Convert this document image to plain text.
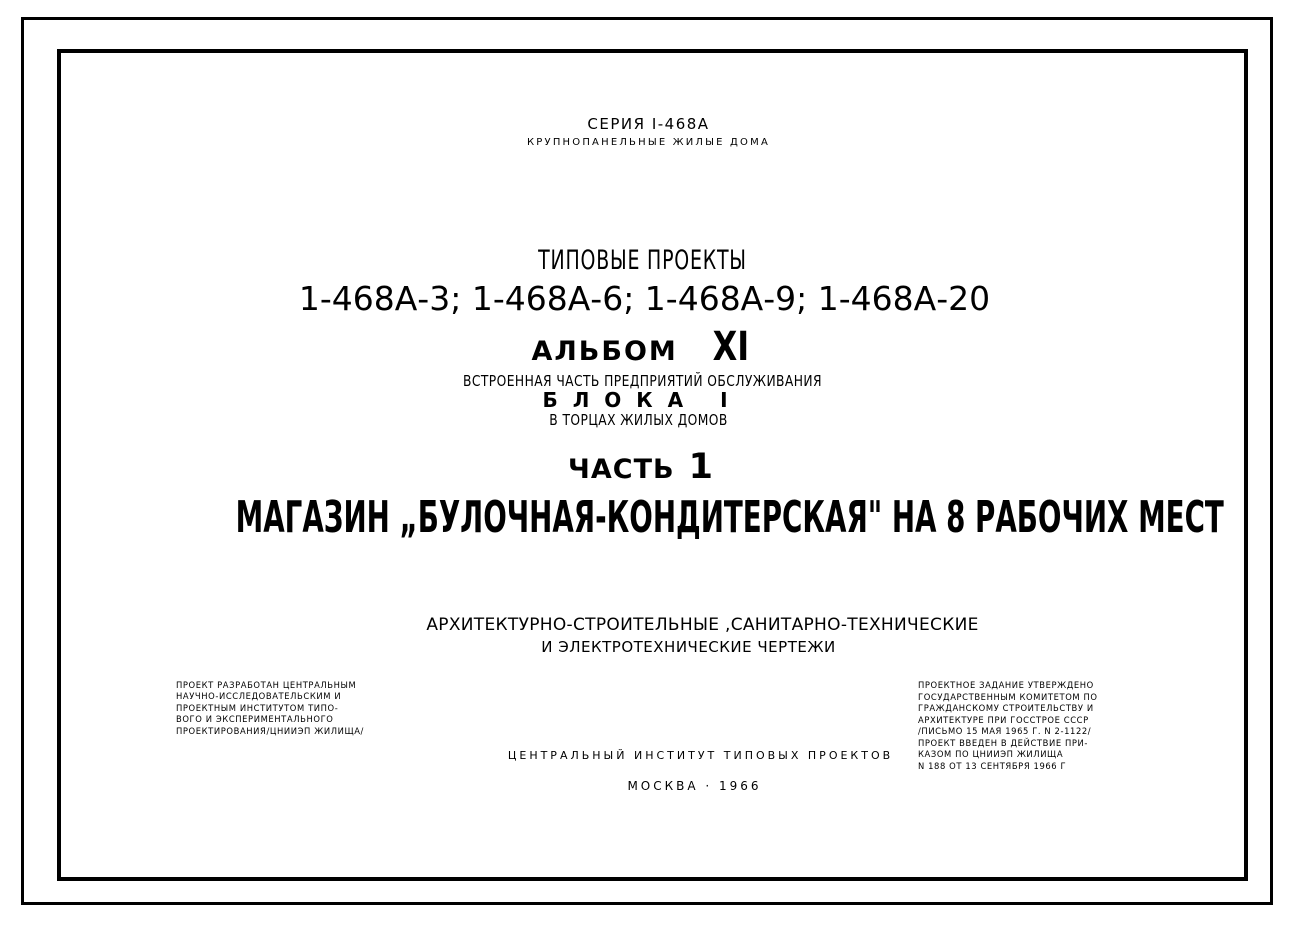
СЕРИЯ I-468А
КРУПНОПАНЕЛЬНЫЕ ЖИЛЫЕ ДОМА
ТИПОВЫЕ ПРОЕКТЫ
1-468А-3; 1-468А-6; 1-468А-9; 1-468А-20
АЛЬБОМ XI
ВСТРОЕННАЯ ЧАСТЬ ПРЕДПРИЯТИЙ ОБСЛУЖИВАНИЯ
БЛОКА I
В ТОРЦАХ ЖИЛЫХ ДОМОВ
ЧАСТЬ 1
МАГАЗИН „БУЛОЧНАЯ-КОНДИТЕРСКАЯ" НА 8 РАБОЧИХ МЕСТ
АРХИТЕКТУРНО-СТРОИТЕЛЬНЫЕ ,САНИТАРНО-ТЕХНИЧЕСКИЕ
И ЭЛЕКТРОТЕХНИЧЕСКИЕ ЧЕРТЕЖИ
ПРОЕКТ РАЗРАБОТАН ЦЕНТРАЛЬНЫМ
НАУЧНО-ИССЛЕДОВАТЕЛЬСКИМ И
ПРОЕКТНЫМ ИНСТИТУТОМ ТИПО-
ВОГО И ЭКСПЕРИМЕНТАЛЬНОГО
ПРОЕКТИРОВАНИЯ/ЦНИИЭП ЖИЛИЩА/
ПРОЕКТНОЕ ЗАДАНИЕ УТВЕРЖДЕНО
ГОСУДАРСТВЕННЫМ КОМИТЕТОМ ПО
ГРАЖДАНСКОМУ СТРОИТЕЛЬСТВУ И
АРХИТЕКТУРЕ ПРИ ГОССТРОЕ СССР
/ПИСЬМО 15 МАЯ 1965 Г. N 2-1122/
ПРОЕКТ ВВЕДЕН В ДЕЙСТВИЕ ПРИ-
КАЗОМ ПО ЦНИИЭП ЖИЛИЩА
N 188 ОТ 13 СЕНТЯБРЯ 1966 Г
ЦЕНТРАЛЬНЫЙ ИНСТИТУТ ТИПОВЫХ ПРОЕКТОВ
МОСКВА · 1966
